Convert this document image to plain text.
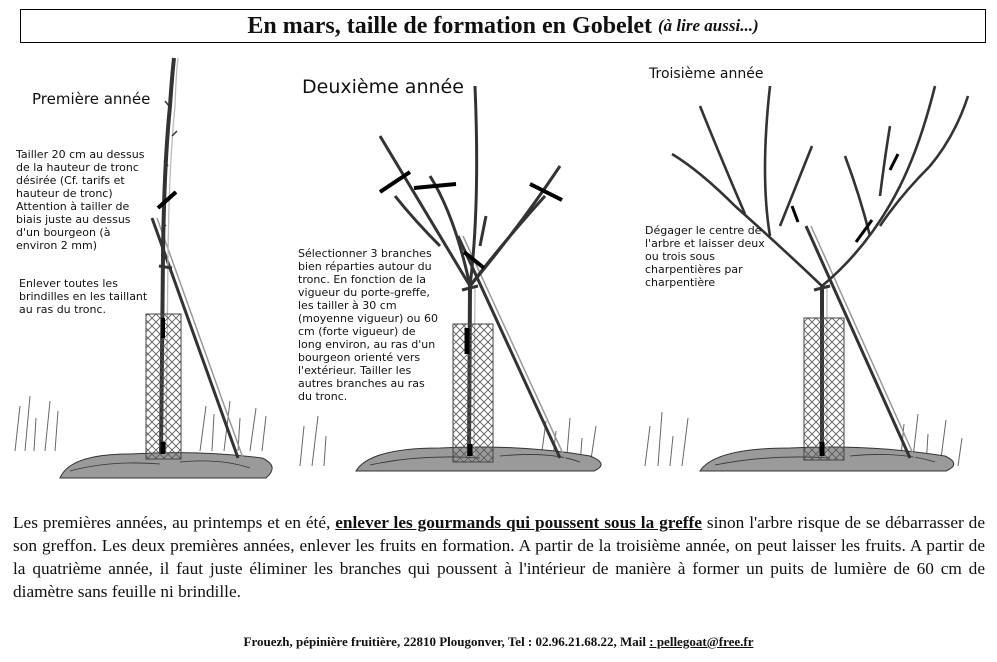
En mars, taille de formation en Gobelet (à lire aussi...)
Première année
Deuxième année
Troisième année
Tailler 20 cm au dessus de la hauteur de tronc désirée (Cf. tarifs et hauteur de tronc) Attention à tailler de biais juste au dessus d'un bourgeon (à environ 2 mm)
Enlever toutes les brindilles en les taillant au ras du tronc.
Sélectionner 3 branches bien réparties autour du tronc. En fonction de la vigueur du porte-greffe, les tailler à 30 cm (moyenne vigueur) ou 60 cm (forte vigueur) de long environ, au ras d'un bourgeon orienté vers l'extérieur. Tailler les autres branches au ras du tronc.
Dégager le centre de l'arbre et laisser deux ou trois sous charpentières par charpentière
Les premières années, au printemps et en été, enlever les gourmands qui poussent sous la greffe sinon l'arbre risque de se débarrasser de son greffon. Les deux premières années, enlever les fruits en formation. A partir de la troisième année, on peut laisser les fruits. A partir de la quatrième année, il faut juste éliminer les branches qui poussent à l'intérieur de manière à former un puits de lumière de 60 cm de diamètre sans feuille ni brindille.
Frouezh, pépinière fruitière, 22810 Plougonver, Tel : 02.96.21.68.22, Mail : pellegoat@free.fr
